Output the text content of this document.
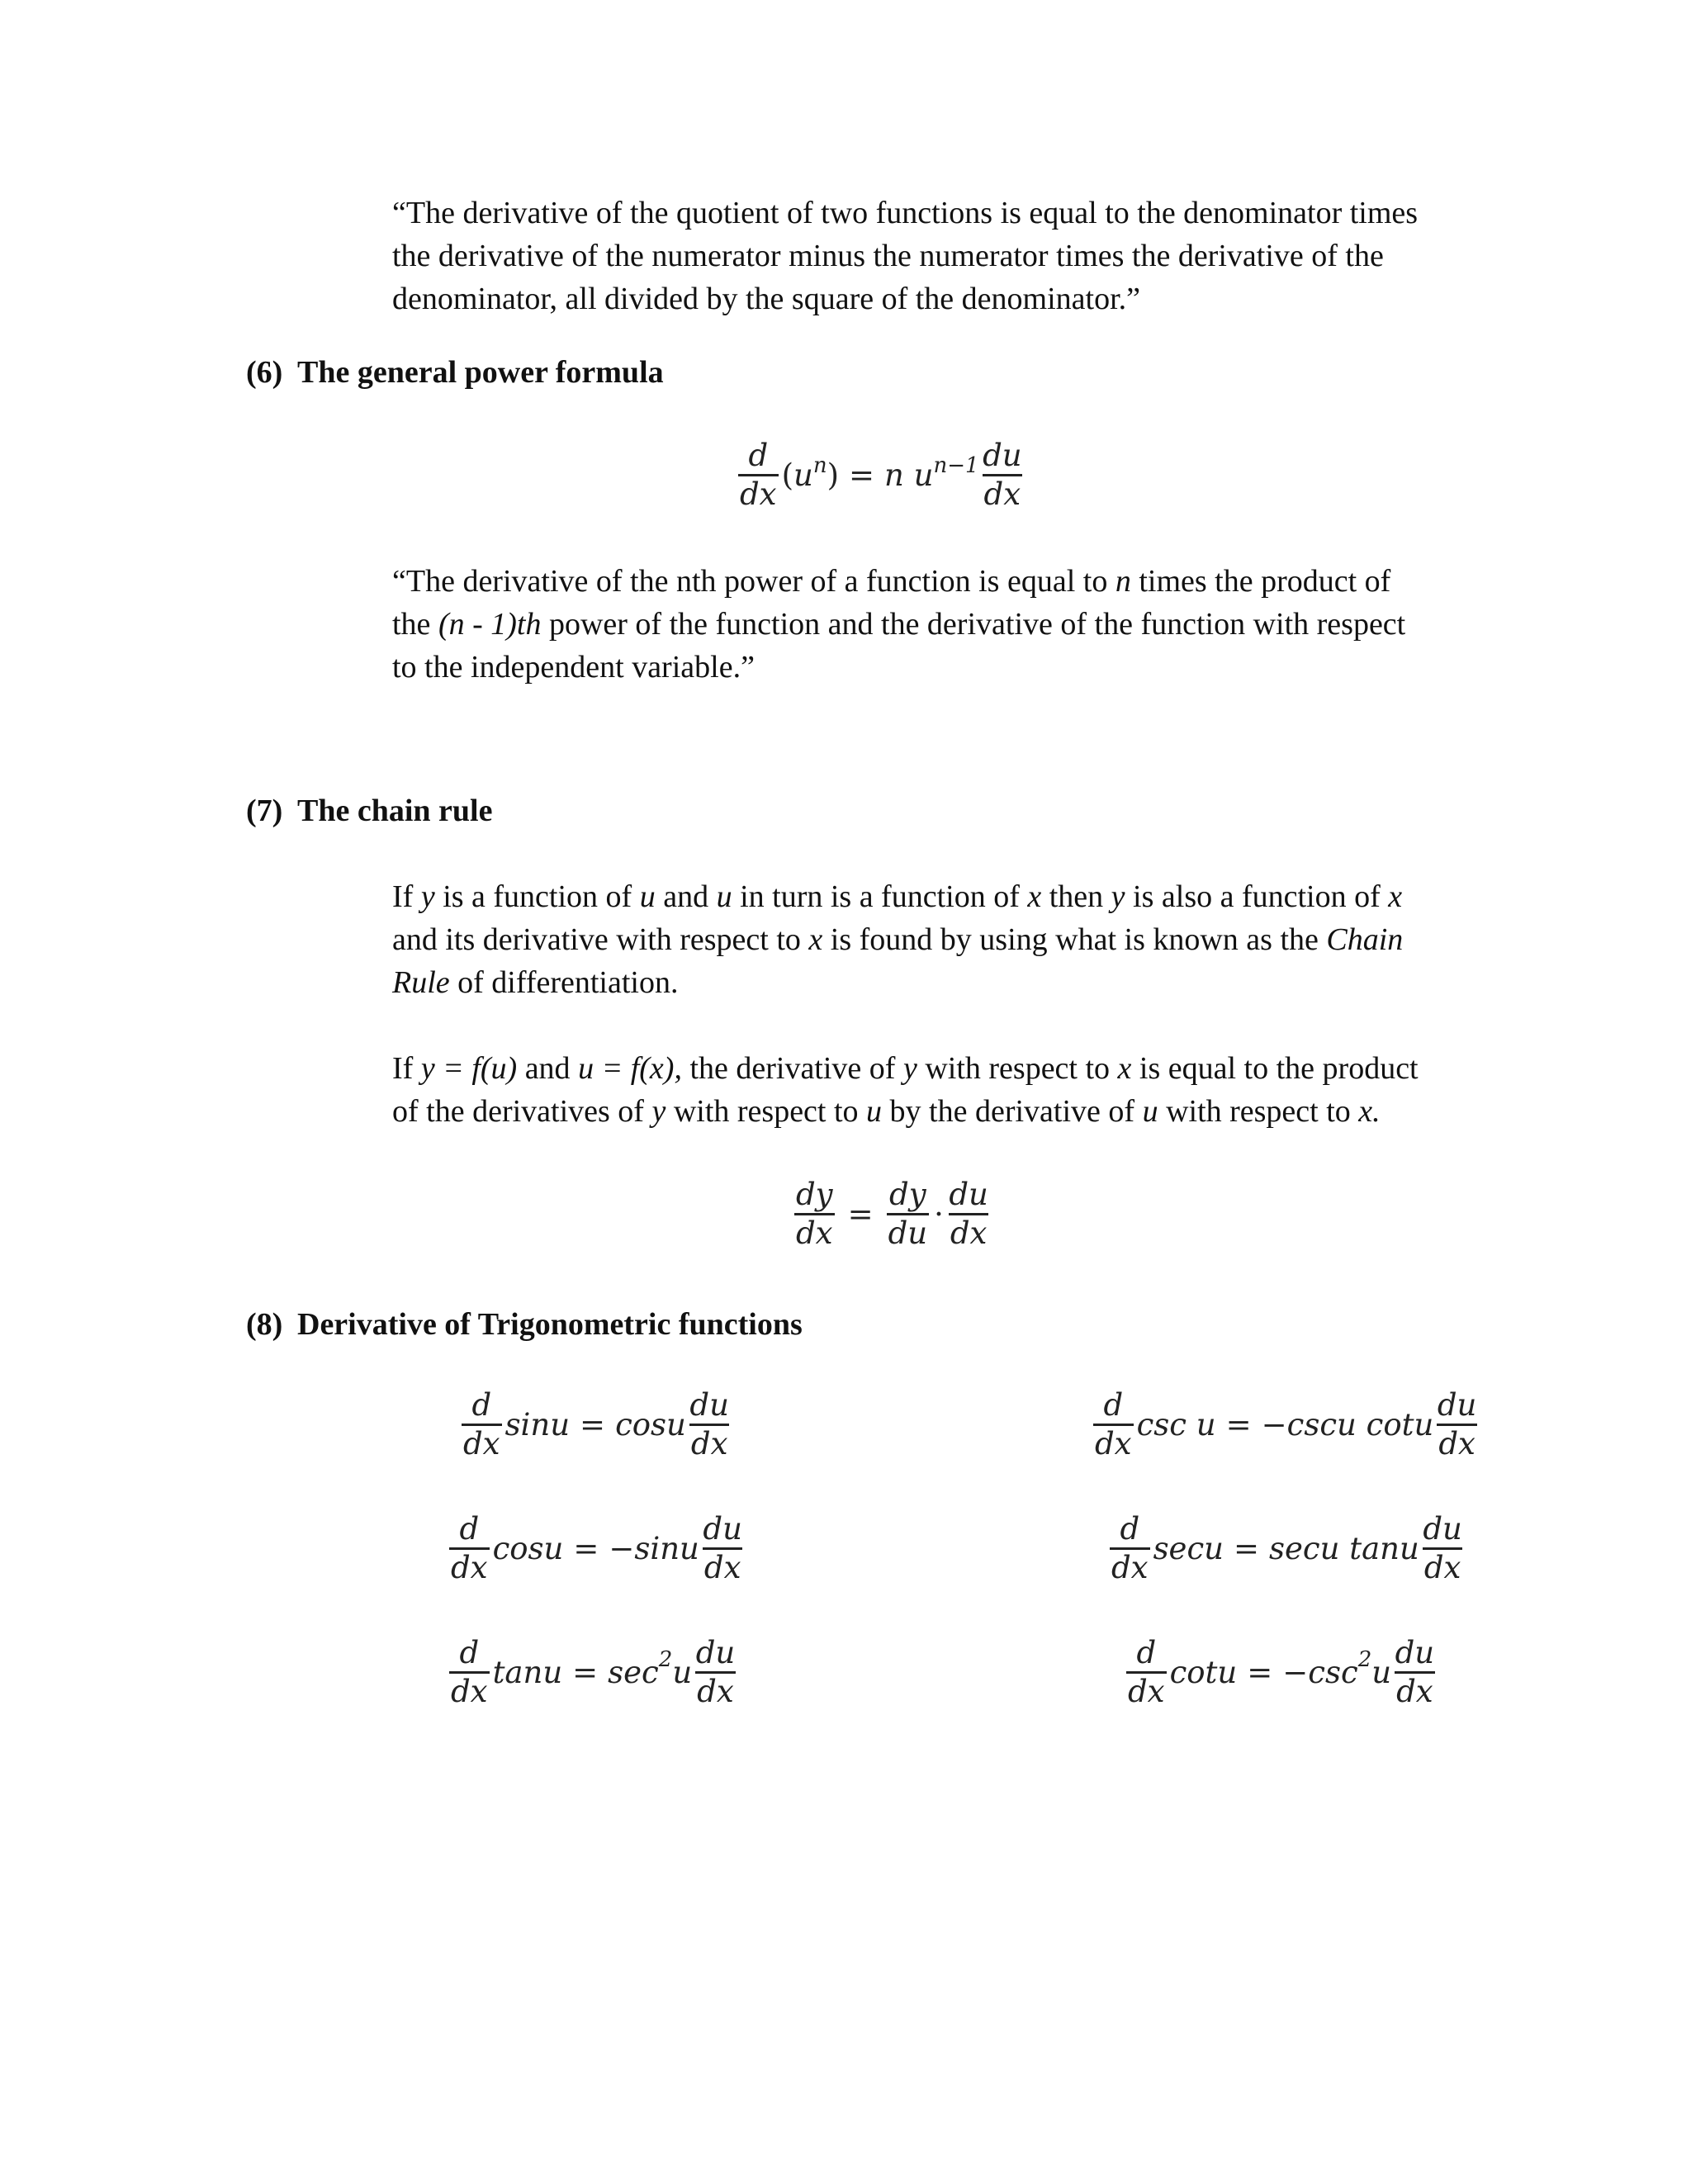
“The derivative of the quotient of two functions is equal to the denominator times
the derivative of the numerator minus the numerator times the derivative of the
denominator, all divided by the square of the denominator.”

(6) The general power formula

$\frac{d}{dx} (u^n) = n$ $u^{n-1} \frac{du}{dx}$

“The derivative of the nth power of a function is equal to n times the product of
the (n - 1)th power of the function and the derivative of the function with respect
to the independent variable.”

(7) The chain rule

If y is a function of u and u in turn is a function of x then y is also a function of x
and its derivative with respect to x is found by using what is known as the Chain
Rule of differentiation.

If y = f(u) and u = f(x), the derivative of y with respect to x is equal to the product
of the derivatives of y with respect to u by the derivative of u with respect to x.

$\frac{dy}{dx} = \frac{dy}{du} \cdot \frac{du}{dx}$

(8) Derivative of Trigonometric functions

$\frac{d}{dx}$ sinu = cosu $\frac{du}{dx}$
$\frac{d}{dx}$ $\cos u = -\sin u \frac{du}{dx}$
$\frac{d}{dx}$ tanu = sec 2 u $\frac{du}{dx}$
$\frac{d}{dx}$ csc u = −cscu cotu $\frac{du}{dx}$
$\frac{d}{dx}$ secu = secu tanu $\frac{du}{dx}$
$\frac{d}{dx}$ cotu = −csc 2 u $\frac{du}{dx}$
